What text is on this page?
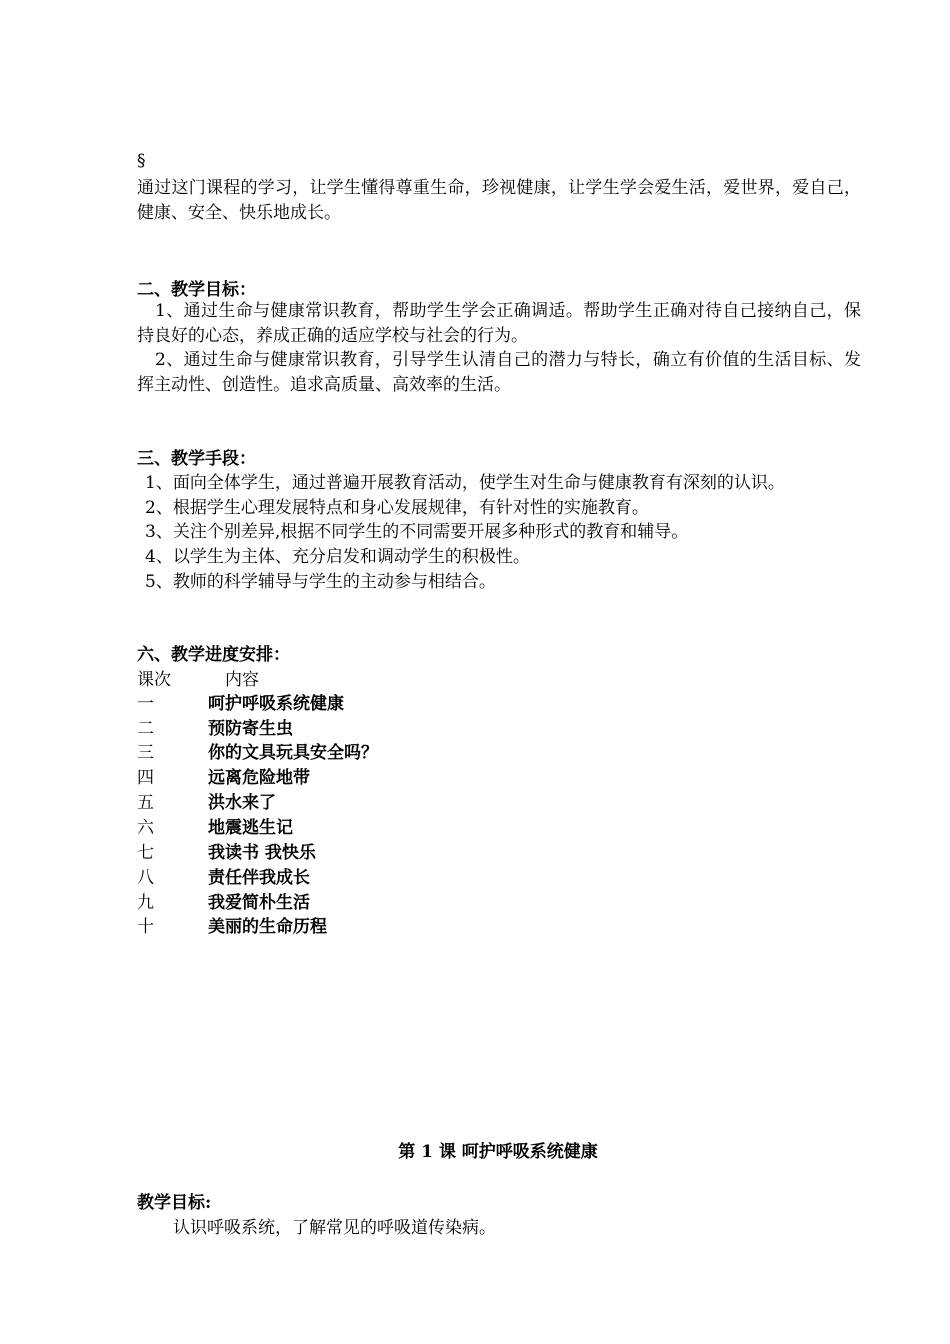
§
通过这门课程的学习，让学生懂得尊重生命，珍视健康，让学生学会爱生活，爱世界，爱自己，健康、安全、快乐地成长。
二、教学目标：
1、通过生命与健康常识教育，帮助学生学会正确调适。帮助学生正确对待自己接纳自己，保持良好的心态，养成正确的适应学校与社会的行为。
2、通过生命与健康常识教育，引导学生认清自己的潜力与特长，确立有价值的生活目标、发挥主动性、创造性。追求高质量、高效率的生活。
三、教学手段：
1、面向全体学生，通过普遍开展教育活动，使学生对生命与健康教育有深刻的认识。
2、根据学生心理发展特点和身心发展规律，有针对性的实施教育。
3、关注个别差异,根据不同学生的不同需要开展多种形式的教育和辅导。
4、以学生为主体、充分启发和调动学生的积极性。
5、教师的科学辅导与学生的主动参与相结合。
六、教学进度安排：
课次          内容
一	呵护呼吸系统健康
二	预防寄生虫
三	你的文具玩具安全吗？
四	远离危险地带
五	洪水来了
六	地震逃生记
七	我读书 我快乐
八	责任伴我成长
九	我爱简朴生活
十	美丽的生命历程
第 1 课 呵护呼吸系统健康
教学目标:
认识呼吸系统，了解常见的呼吸道传染病。
